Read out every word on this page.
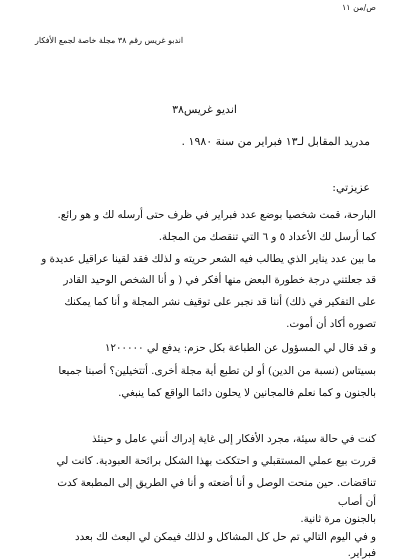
ص/‏من ١١
اندبو غريس رقم ٣٨ مجلة خاصة لجمع الأفكار
انديو غريس٣٨
مدريد المقابل لـ١٣ فبراير من سنة ١٩٨٠ .
عزيزتي:
البارحة، قمت شخصيا بوضع عدد فبراير في ظرف حتى أرسله لك و هو رائع.
كما أرسل لك الأعداد ٥ و ٦ التي تنقصك من المجلة.
ما بين عدد يناير الذي يطالب فيه الشعر حريته و لذلك فقد لقينا عراقيل عديدة و
قد جعلتني درجة خطورة البعض منها أفكر في ( و أنا الشخص الوحيد القادر
على التفكير في ذلك) أننا قد نجبر على توقيف نشر المجلة و أنا كما يمكنك
تصوره أكاد أن أموت.
و قد قال لي المسؤول عن الطباعة بكل حزم: يدفع لي ١٢٠٠٠٠٠
بسيتاس (نسبة من الدين) أو لن تطبع أية مجلة أخرى. أتتخيلين؟ أصبنا جميعا
بالجنون و كما نعلم فالمجانين لا يحلون دائما الواقع كما ينبغي.
كنت في حالة سيئة، مجرد الأفكار إلى غاية إدراك أنني عامل و حينئذ
قررت بيع عملي المستقبلي و احتككت بهذا الشكل برائحة العبودية. كانت لي
تناقضات. حين منحت الوصل و أنا أضعته و أنا في الطريق إلى المطبعة كدت
أن أصاب
بالجنون مرة ثانية.
و في اليوم التالي تم حل كل المشاكل و لذلك فيمكن لي البعث لك بعدد
فبراير.
